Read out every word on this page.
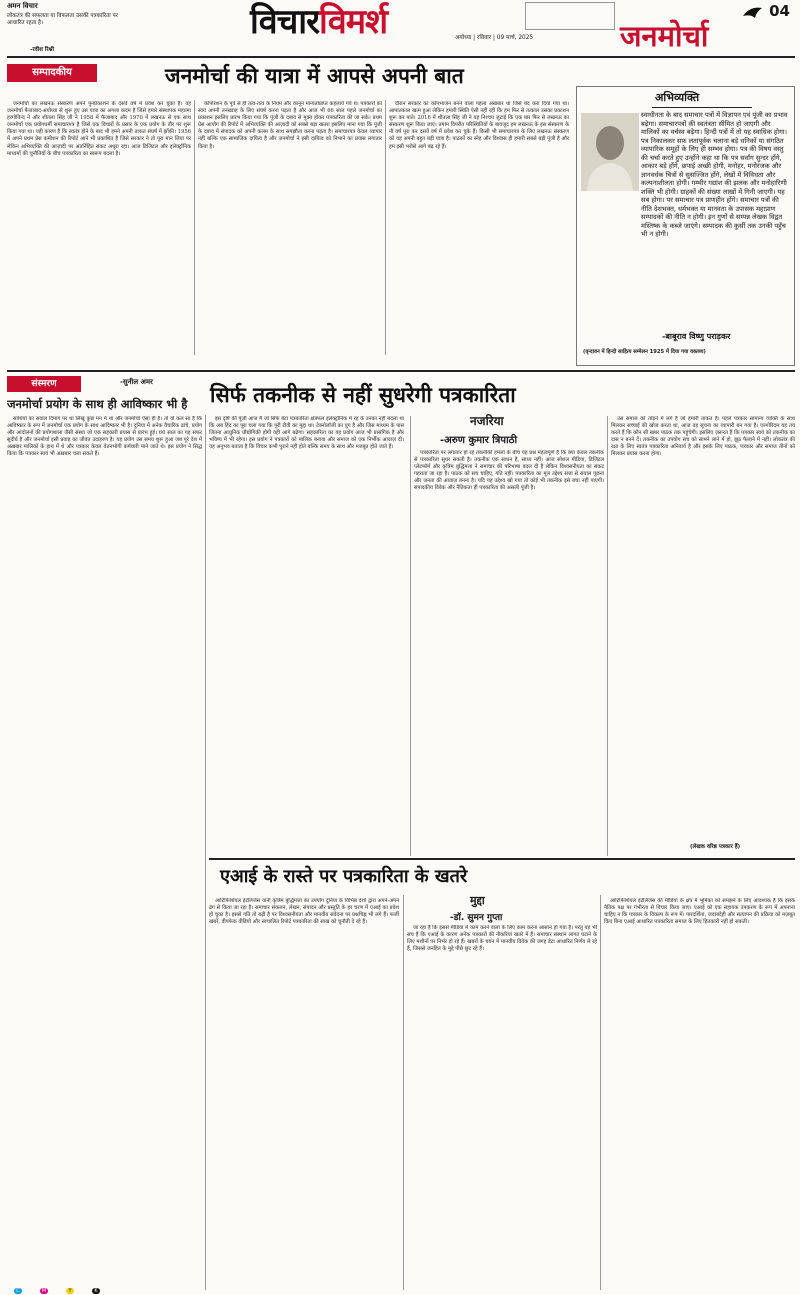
अमन विचार
लोकतंत्र की सफलता या विफलता उसकी पत्रकारिता पर आधारित रहता है।
-रवीश रिश्नी
विचारविमर्श	अयोध्या | रविवार | 09 मार्च, 2025	जनमोर्चा
04
सम्पादकीय	जनमोर्चा की यात्रा में आपसे अपनी बात

जनमोर्चा का लखनऊ संस्करण अपने पुनर्प्रकाशन के दसवें वर्ष में प्रवेश कर चुका है। यह जनमोर्चा फैजाबाद-अयोध्या से शुरू हुए उस यात्रा का अगला कदम है जिसे हमारे संस्थापक महात्मा हरगोविन्द ने और शीतला सिंह जी ने 1958 में फैजाबाद और 1970 में लखनऊ से एक साथ जनमोर्चा एक प्रयोगधर्मी समाचारपत्र है जिसे एक विचारों के प्रसार के एक प्रयोग के तौर पर शुरू किया गया था। यही कारण है कि स्वतंत्र होने के बाद भी हमने अपनी ताकत संघर्ष में झोंकी। 1956 में अपने प्रथम प्रेस कमीशन की रिपोर्ट आने भी प्रकाशित है जिसे सरकार ने तो पूरा मान लिया पर लेकिन अभिव्यक्ति की आज़ादी पर अंतर्निहित संकट अधूरा रहा। आज डिजिटल और इलेक्ट्रॉनिक माध्यमों की चुनौतियों के बीच पत्रकारिता का स्वरूप बदला है।

कॉर्पोरेशन के पूर्व से ही तत्व-तत्व के नियम और कानून मान्यताप्राप्त कहलाये गये थे। पत्रकारों को स्वयं अपनी तनख्वाह के लिए संघर्ष करना पड़ता है और आज भी 66 साल पहले जनमोर्चा का प्रकाशन इसलिए प्रारंभ किया गया कि पूंजी के दबाव से मुक्त होकर पत्रकारिता की जा सके। प्रथम प्रेस आयोग की रिपोर्ट में अभिव्यक्ति की आज़ादी को सबसे बड़ा खतरा इसलिए माना गया कि पूंजी के दबाव में संपादक को अपनी कलम के साथ समझौता करना पड़ता है। समाचारपत्र केवल व्यापार नहीं बल्कि एक सामाजिक दायित्व है और जनमोर्चा ने इसी दायित्व को निभाने का प्रयास लगातार किया है।

दौरान सरकार का कोपभाजन बनने वाला पहला अखबार था जिसे बंद करा दिया गया था। आपातकाल खत्म हुआ लेकिन हमारी स्थिति ऐसी नहीं रही कि हम फिर से तत्काल उसका प्रकाशन शुरू कर पाते। 2016 में शीतला सिंह जी ने यह निश्चय जुटाई कि एक बार फिर से लखनऊ का संस्करण शुरू किया जाए। तमाम विपरीत परिस्थितियों के बावजूद हम लखनऊ के इस संस्करण के नौ वर्ष पूरा कर दसवें वर्ष में प्रवेश कर चुके हैं। किसी भी समाचारपत्र के लिए लखनऊ संस्करण को यह अपनी बहुत बड़ी यात्रा है। पाठकों का स्नेह और विश्वास ही हमारी सबसे बड़ी पूंजी है और हम इसी भरोसे आगे बढ़ रहे हैं।

अभिव्यक्ति
स्वाधीनता के बाद समाचार पत्रों में विज्ञापन एवं पूंजी का प्रभाव बढ़ेगा। समाचारपत्रों की स्वतंत्रता सीमित हो जाएगी और मालिकों का वर्चस्व बढ़ेगा। हिन्दी पत्रों में तो यह स्वाधिक होगा। पत्र निकालकर सफ़ लतापूर्वक चलाना बड़े धनिकों या संगठित व्यापारिक समूहों के लिए ही सम्भव होगा। पत्र की विषय वस्तु की चर्चा करते हुए उन्होंने कहा था कि पत्र सर्वांग सुन्दर होंगे, आकार बड़े होंगे, छपाई अच्छी होगी, मनोहर, मनोरंजक और ज्ञानवर्धक चित्रों से सुसज्जित होंगे, लेखों में विविधता और कल्पनाशीलता होगी। गम्भीर गद्यांश की झलक और मनोहारिणी शक्ति भी होगी। ग्राहकों की संख्या लाखों में गिनी जाएगी। यह सब होगा। पर समाचार पत्र प्राणहीन होंगे। समाचार पत्रों की नीति देशभक्त, धर्मभक्त या मानवता के उपासक महाप्राण सम्पादकों की नीति न होगी। इन गुणों से सम्पन्न लेखक विद्वत मस्तिष्क के कब्जे जाएंगे। सम्पादक की कुर्सी तक उनकी पहुँच भी न होगी।
-बाबूराव विष्णु पराड़कर
(वृन्दावन में हिन्दी साहित्य सम्मेलन 1925 में दिया गया वक्तव्य)
संस्मरण	-सुनील अमर
जनमोर्चा प्रयोग के साथ ही आविष्कार भी है

साथियों का सवाल दिमाग पर था लिखूं कुछ मन में था और जनमोर्चा ऐसा ही है। तो वो कल सा है कि आविष्कार के रूप में जनमोर्चा एक प्रयोग के साथ आविष्कार भी है। दुनिया में अनेक वैचारिक ढांचे, प्रयोग और आंदोलनों की प्रयोगशाला जैसी संस्था जो एक सहकारी प्रयास से प्रारंभ हुई। 66 साल का यह सफर सुदीर्घ है और जनमोर्चा इसी प्रवाह का जीवंत उदाहरण है। यह प्रयोग उस समय शुरू हुआ जब पूरे देश में अख़बार मालिकों के हाथ में थे और पत्रकार केवल वेतनभोगी कर्मचारी माने जाते थे। इस प्रयोग ने सिद्ध किया कि पत्रकार स्वयं भी अख़बार चला सकते हैं।

इस दृष्टि की पूंजी आज मैं जो सिर्फ बेटा पत्रकारिता क्षेत्रफल इलेक्ट्रॉनिक में रह के उनका नहीं बदला था कि अब हिंद का पूरा चला गया कि पूरी टीवी का मुद्दा था। टेक्नोलॉजी का युग है और जिस माध्यम के पास जितना आधुनिक प्रौद्योगिकी होगी वही आगे बढ़ेगा। सहकारिता का यह प्रयोग आज भी प्रासंगिक है और भविष्य में भी रहेगा। इस प्रयोग ने पत्रकारों को मालिक बनाया और समाज को एक निर्भीक आवाज़ दी। यह अनुभव बताता है कि विचार कभी पुराने नहीं होते बल्कि समय के साथ और मजबूत होते जाते हैं।

सिर्फ तकनीक से नहीं सुधरेगी पत्रकारिता
नजरिया
-अरुण कुमार त्रिपाठी

पत्रकारिता पर लगातार हो रहे तकनीकी हमलों के बीच यह प्रश्न महत्वपूर्ण है कि क्या केवल तकनीक से पत्रकारिता सुधर सकती है। तकनीक एक साधन है, साध्य नहीं। आज सोशल मीडिया, डिजिटल प्लेटफॉर्म और कृत्रिम बुद्धिमत्ता ने समाचार की परिभाषा बदल दी है लेकिन विश्वसनीयता का संकट गहराता जा रहा है। पाठक को सच चाहिए, गति नहीं। पत्रकारिता का मूल उद्देश्य सत्ता से सवाल पूछना और जनता की आवाज़ बनना है। यदि यह उद्देश्य खो गया तो कोई भी तकनीक इसे बचा नहीं पाएगी। संपादकीय विवेक और नैतिकता ही पत्रकारिता की असली पूंजी है।

उस समाज को तोड़ने में लगे हैं जो हमारी ताकत है। पहले पत्रकार सामान्य व्यक्ति के साथ मिलकर सच्चाई की खोज करता था, आज वह सूचना का व्यापारी बन गया है। एल्गोरिदम यह तय करते हैं कि कौन सी खबर पाठक तक पहुंचेगी। इसलिए ज़रूरत है कि पत्रकार स्वयं को तकनीक का दास न बनने दें। तकनीक का उपयोग सच को सामने लाने में हो, झूठ फैलाने में नहीं। लोकतंत्र की रक्षा के लिए स्वतंत्र पत्रकारिता अनिवार्य है और इसके लिए पाठक, पत्रकार और समाज तीनों को मिलकर प्रयास करना होगा।

(लेखक वरिष्ठ पत्रकार हैं)
एआई के रास्ते पर पत्रकारिता के खतरे

आर्टिफिशियल इंटेलिजेंस यानी कृत्रिम बुद्धिमत्ता का उपयोग दुनिया के विभिन्न देशों द्वारा अपने-अपने ढंग से किया जा रहा है। समाचार संकलन, लेखन, संपादन और प्रस्तुति के हर चरण में एआई का प्रवेश हो चुका है। इससे गति तो बढ़ी है पर विश्वसनीयता और मानवीय संवेदना पर प्रश्नचिह्न भी लगे हैं। फर्जी खबरें, डीपफेक वीडियो और स्वचालित रिपोर्ट पत्रकारिता की साख को चुनौती दे रहे हैं।

मुद्दा
-डॉ. सुमन गुप्ता

जा रहा है कि इससे मीडिया में काम करने वालों के लिए काम करना आसान हो गया है। परंतु यह भी सच है कि एआई के कारण अनेक पत्रकारों की नौकरियां खतरे में हैं। समाचार संस्थान लागत घटाने के लिए मशीनों पर निर्भर हो रहे हैं। खबरों के चयन में मानवीय विवेक की जगह डेटा आधारित निर्णय ले रहे हैं, जिससे जनहित के मुद्दे पीछे छूट रहे हैं।

आर्टिफिशियल इंटेलिजेंस की मीडिया के क्षेत्र में भूमिका को समझने के लिए आवश्यक है कि इसके नैतिक पक्ष पर गंभीरता से विचार किया जाए। एआई को एक सहायक उपकरण के रूप में अपनाना चाहिए न कि पत्रकार के विकल्प के रूप में। पारदर्शिता, जवाबदेही और सत्यापन की प्रक्रिया को मज़बूत किए बिना एआई आधारित पत्रकारिता समाज के लिए हितकारी नहीं हो सकती।

C	M	Y	K
